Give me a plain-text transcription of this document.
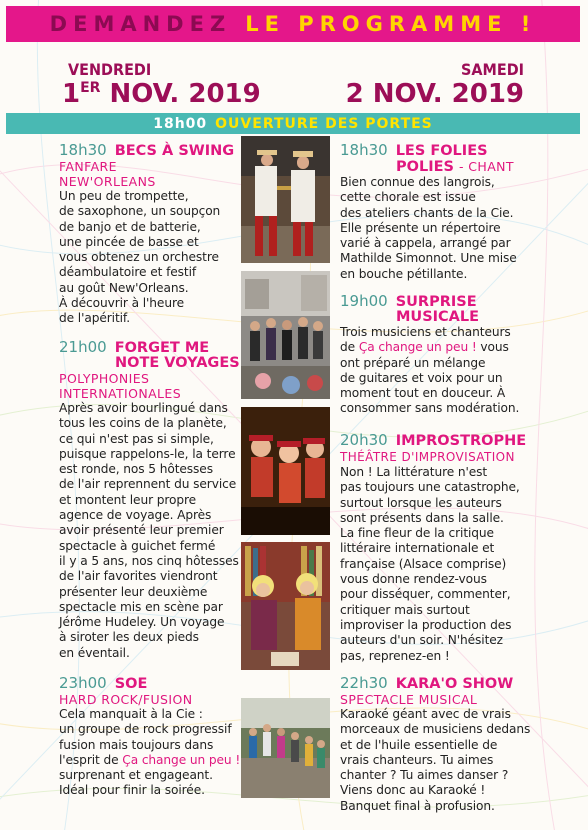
DEMANDEZ LE PROGRAMME !
VENDREDI
1ER NOV. 2019
SAMEDI
2 NOV. 2019
18h00 OUVERTURE DES PORTES
18h30 BECS À SWING
FANFARE
NEW'ORLEANS
Un peu de trompette,
de saxophone, un soupçon
de banjo et de batterie,
une pincée de basse et
vous obtenez un orchestre
déambulatoire et festif
au goût New'Orleans.
À découvrir à l'heure
de l'apéritif.
21h00 FORGET ME
NOTE VOYAGES
POLYPHONIES
INTERNATIONALES
Après avoir bourlingué dans
tous les coins de la planète,
ce qui n'est pas si simple,
puisque rappelons-le, la terre
est ronde, nos 5 hôtesses
de l'air reprennent du service
et montent leur propre
agence de voyage. Après
avoir présenté leur premier
spectacle à guichet fermé
il y a 5 ans, nos cinq hôtesses
de l'air favorites viendront
présenter leur deuxième
spectacle mis en scène par
Jérôme Hudeley. Un voyage
à siroter les deux pieds
en éventail.
23h00 SOE
HARD ROCK/FUSION
Cela manquait à la Cie :
un groupe de rock progressif
fusion mais toujours dans
l'esprit de Ça change un peu !
surprenant et engageant.
Idéal pour finir la soirée.
18h30 LES FOLIES
POLIES - CHANT
Bien connue des langrois,
cette chorale est issue
des ateliers chants de la Cie.
Elle présente un répertoire
varié à cappela, arrangé par
Mathilde Simonnot. Une mise
en bouche pétillante.
19h00 SURPRISE
MUSICALE
Trois musiciens et chanteurs
de Ça change un peu ! vous
ont préparé un mélange
de guitares et voix pour un
moment tout en douceur. À
consommer sans modération.
20h30 IMPROSTROPHE
THÉÂTRE D'IMPROVISATION
Non ! La littérature n'est
pas toujours une catastrophe,
surtout lorsque les auteurs
sont présents dans la salle.
La fine fleur de la critique
littéraire internationale et
française (Alsace comprise)
vous donne rendez-vous
pour disséquer, commenter,
critiquer mais surtout
improviser la production des
auteurs d'un soir. N'hésitez
pas, reprenez-en !
22h30 KARA'O SHOW
SPECTACLE MUSICAL
Karaoké géant avec de vrais
morceaux de musiciens dedans
et de l'huile essentielle de
vrais chanteurs. Tu aimes
chanter ? Tu aimes danser ?
Viens donc au Karaoké !
Banquet final à profusion.
